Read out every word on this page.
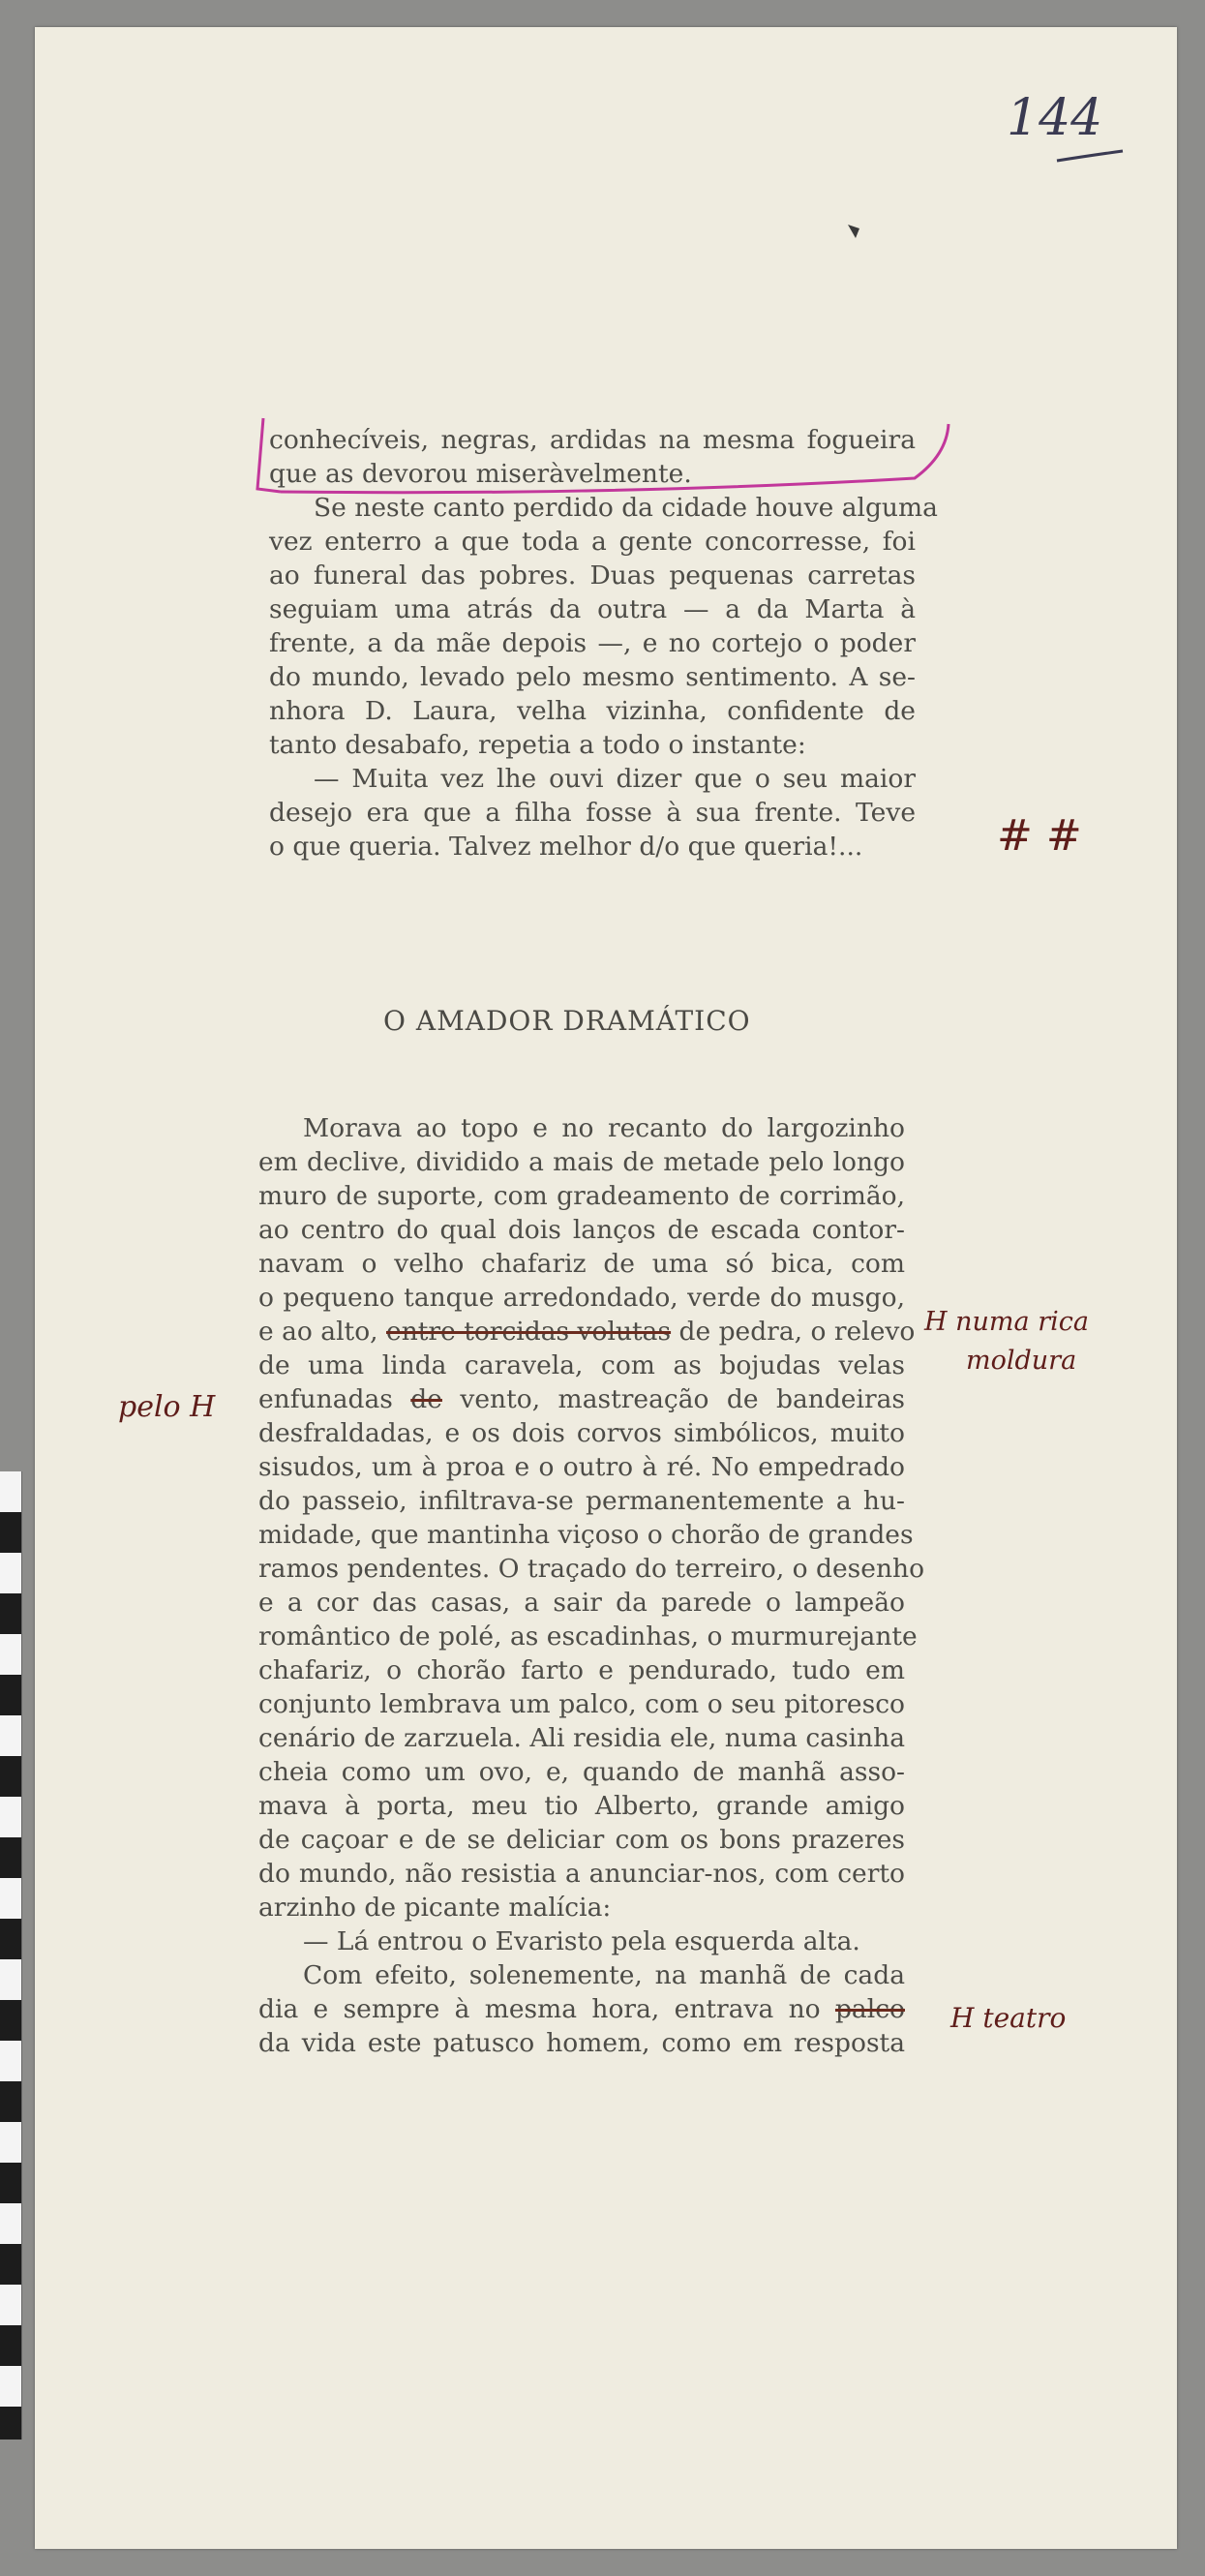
144
conhecíveis, negras, ardidas na mesma fogueira
que as devorou miseràvelmente.
Se neste canto perdido da cidade houve alguma
vez enterro a que toda a gente concorresse, foi
ao funeral das pobres. Duas pequenas carretas
seguiam uma atrás da outra — a da Marta à
frente, a da mãe depois —, e no cortejo o poder
do mundo, levado pelo mesmo sentimento. A se-
nhora D. Laura, velha vizinha, confidente de
tanto desabafo, repetia a todo o instante:
— Muita vez lhe ouvi dizer que o seu maior
desejo era que a filha fosse à sua frente. Teve
o que queria. Talvez melhor d/o que queria!...
O AMADOR DRAMÁTICO
Morava ao topo e no recanto do largozinho
em declive, dividido a mais de metade pelo longo
muro de suporte, com gradeamento de corrimão,
ao centro do qual dois lanços de escada contor-
navam o velho chafariz de uma só bica, com
o pequeno tanque arredondado, verde do musgo,
e ao alto, entre torcidas volutas de pedra, o relevo
de uma linda caravela, com as bojudas velas
enfunadas de vento, mastreação de bandeiras
desfraldadas, e os dois corvos simbólicos, muito
sisudos, um à proa e o outro à ré. No empedrado
do passeio, infiltrava-se permanentemente a hu-
midade, que mantinha viçoso o chorão de grandes
ramos pendentes. O traçado do terreiro, o desenho
e a cor das casas, a sair da parede o lampeão
romântico de polé, as escadinhas, o murmurejante
chafariz, o chorão farto e pendurado, tudo em
conjunto lembrava um palco, com o seu pitoresco
cenário de zarzuela. Ali residia ele, numa casinha
cheia como um ovo, e, quando de manhã asso-
mava à porta, meu tio Alberto, grande amigo
de caçoar e de se deliciar com os bons prazeres
do mundo, não resistia a anunciar-nos, com certo
arzinho de picante malícia:
— Lá entrou o Evaristo pela esquerda alta.
Com efeito, solenemente, na manhã de cada
dia e sempre à mesma hora, entrava no palco
da vida este patusco homem, como em resposta
# #
H numa rica
moldura
pelo H
H teatro
